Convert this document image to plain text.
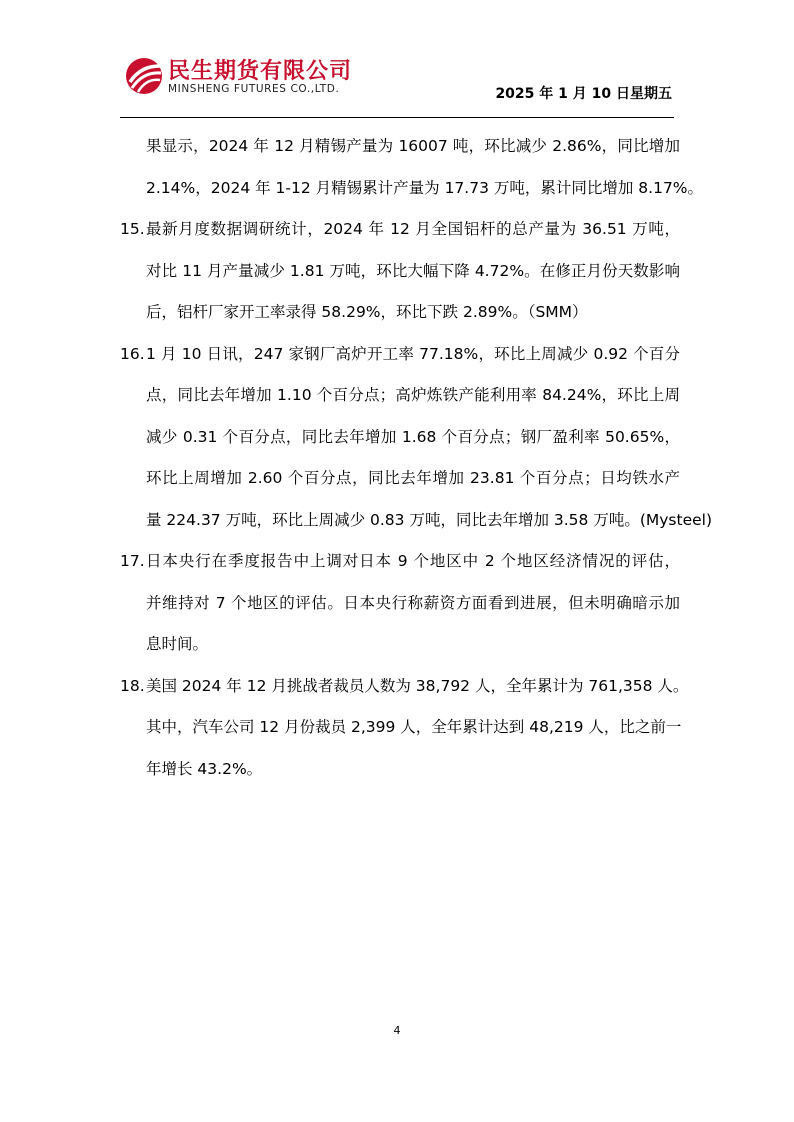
民生期货有限公司
MINSHENG FUTURES CO.,LTD.	2025 年 1 月 10 日星期五
果显示，2024 年 12 月精锡产量为 16007 吨，环比减少 2.86%，同比增加
2.14%，2024 年 1-12 月精锡累计产量为 17.73 万吨，累计同比增加 8.17%。
15. 最新月度数据调研统计，2024 年 12 月全国铝杆的总产量为 36.51 万吨，
对比 11 月产量减少 1.81 万吨，环比大幅下降 4.72%。在修正月份天数影响
后，铝杆厂家开工率录得 58.29%，环比下跌 2.89%。（SMM）
16. 1 月 10 日讯，247 家钢厂高炉开工率 77.18%，环比上周减少 0.92 个百分
点，同比去年增加 1.10 个百分点；高炉炼铁产能利用率 84.24%，环比上周
减少 0.31 个百分点，同比去年增加 1.68 个百分点；钢厂盈利率 50.65%，
环比上周增加 2.60 个百分点，同比去年增加 23.81 个百分点；日均铁水产
量 224.37 万吨，环比上周减少 0.83 万吨，同比去年增加 3.58 万吨。(Mysteel)
17. 日本央行在季度报告中上调对日本 9 个地区中 2 个地区经济情况的评估，
并维持对 7 个地区的评估。日本央行称薪资方面看到进展，但未明确暗示加
息时间。
18. 美国 2024 年 12 月挑战者裁员人数为 38,792 人，全年累计为 761,358 人。
其中，汽车公司 12 月份裁员 2,399 人，全年累计达到 48,219 人，比之前一
年增长 43.2%。
4
